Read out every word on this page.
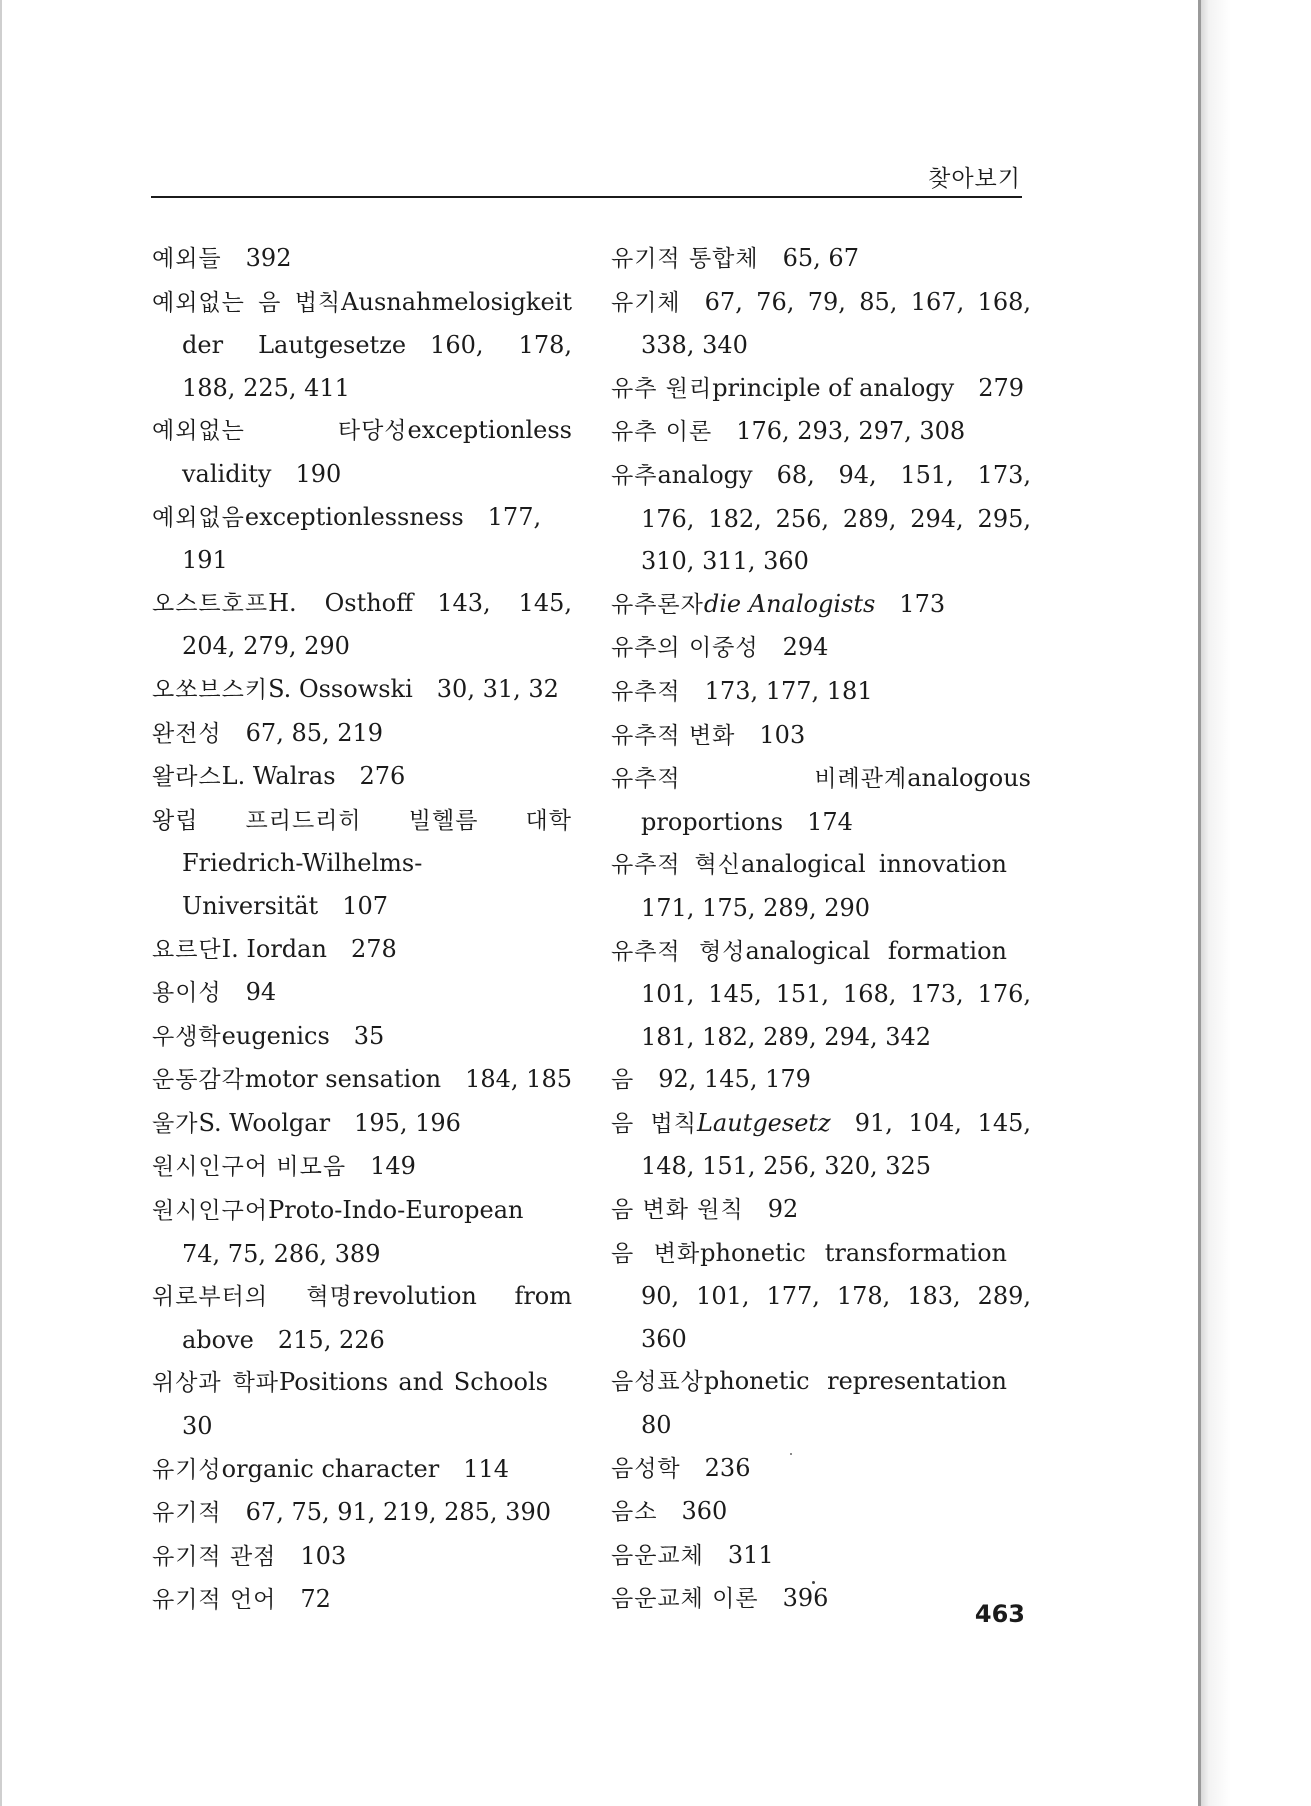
찾아보기
예외들  392
예외없는 음 법칙Ausnahmelosigkeit der Lautgesetze  160, 178, 188, 225, 411
예외없는 타당성exceptionless validity  190
예외없음exceptionlessness  177, 191
오스트호프H. Osthoff  143, 145, 204, 279, 290
오쏘브스키S. Ossowski  30, 31, 32
완전성  67, 85, 219
왈라스L. Walras  276
왕립 프리드리히 빌헬름 대학Friedrich-Wilhelms-Universität  107
요르단I. Iordan  278
용이성  94
우생학eugenics  35
운동감각motor sensation  184, 185
울가S. Woolgar  195, 196
원시인구어 비모음  149
원시인구어Proto-Indo-European 74, 75, 286, 389
위로부터의 혁명revolution from above  215, 226
위상과 학파Positions and Schools 30
유기성organic character  114
유기적  67, 75, 91, 219, 285, 390
유기적 관점  103
유기적 언어  72
유기적 통합체  65, 67
유기체  67, 76, 79, 85, 167, 168, 338, 340
유추 원리principle of analogy  279
유추 이론  176, 293, 297, 308
유추analogy  68, 94, 151, 173, 176, 182, 256, 289, 294, 295, 310, 311, 360
유추론자die Analogists  173
유추의 이중성  294
유추적  173, 177, 181
유추적 변화  103
유추적 비례관계analogous proportions  174
유추적 혁신analogical innovation 171, 175, 289, 290
유추적 형성analogical formation 101, 145, 151, 168, 173, 176, 181, 182, 289, 294, 342
음  92, 145, 179
음 법칙Lautgesetz  91, 104, 145, 148, 151, 256, 320, 325
음 변화 원칙  92
음 변화phonetic transformation 90, 101, 177, 178, 183, 289, 360
음성표상phonetic representation 80
음성학  236
음소  360
음운교체  311
음운교체 이론  396
463
